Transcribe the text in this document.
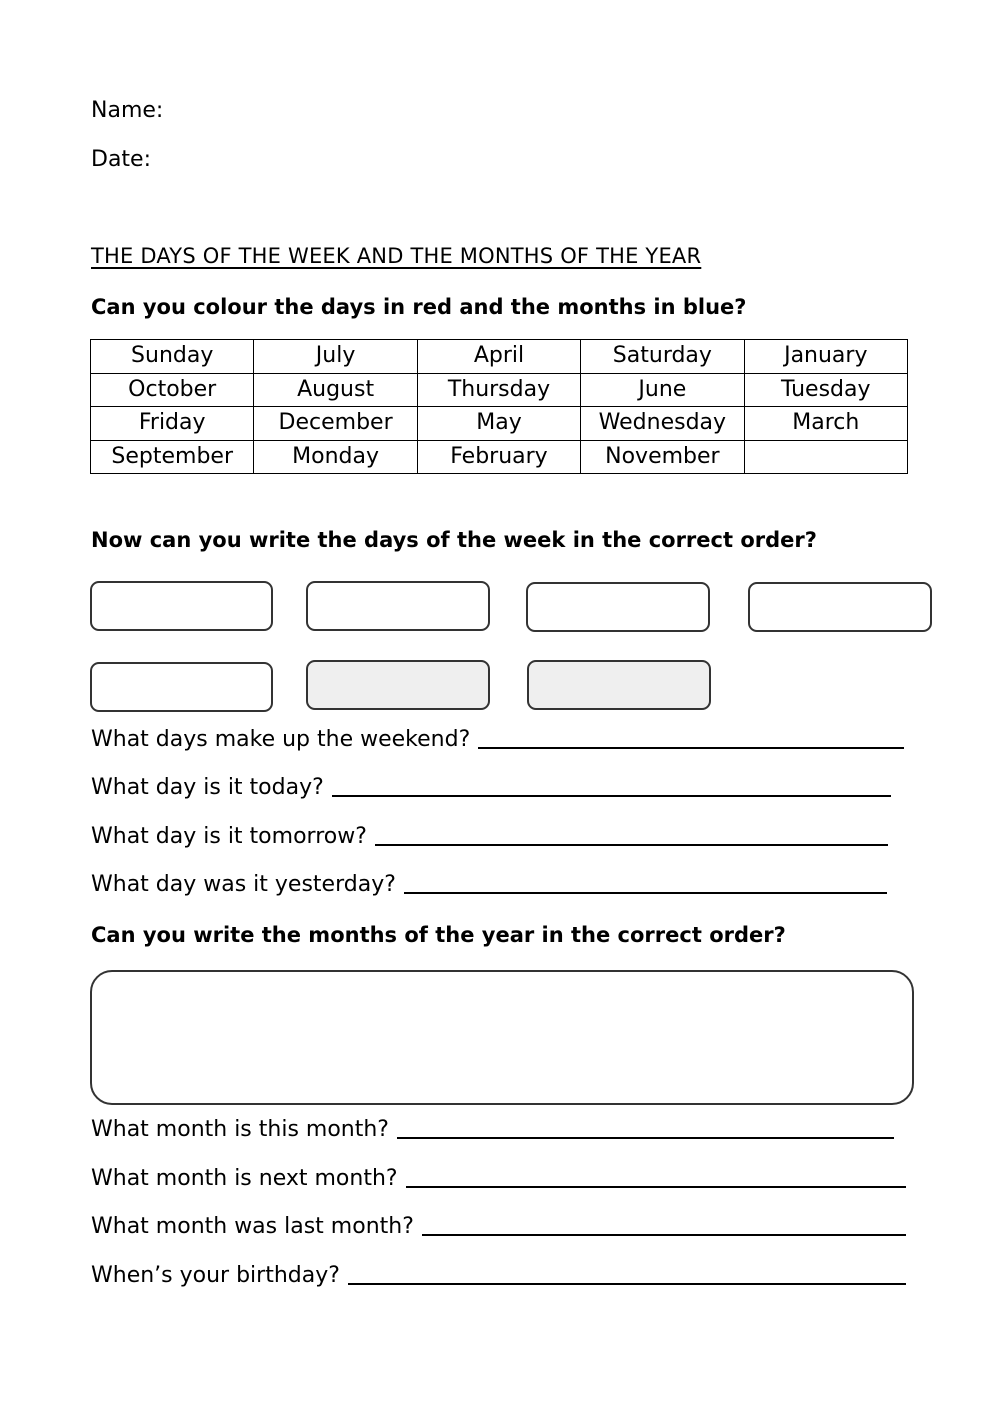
Name:
Date:
THE DAYS OF THE WEEK AND THE MONTHS OF THE YEAR
Can you colour the days in red and the months in blue?
Sunday	July	April	Saturday	January
October	August	Thursday	June	Tuesday
Friday	December	May	Wednesday	March
September	Monday	February	November	
Now can you write the days of the week in the correct order?
What days make up the weekend?
What day is it today?
What day is it tomorrow?
What day was it yesterday?
Can you write the months of the year in the correct order?
What month is this month?
What month is next month?
What month was last month?
When’s your birthday?
